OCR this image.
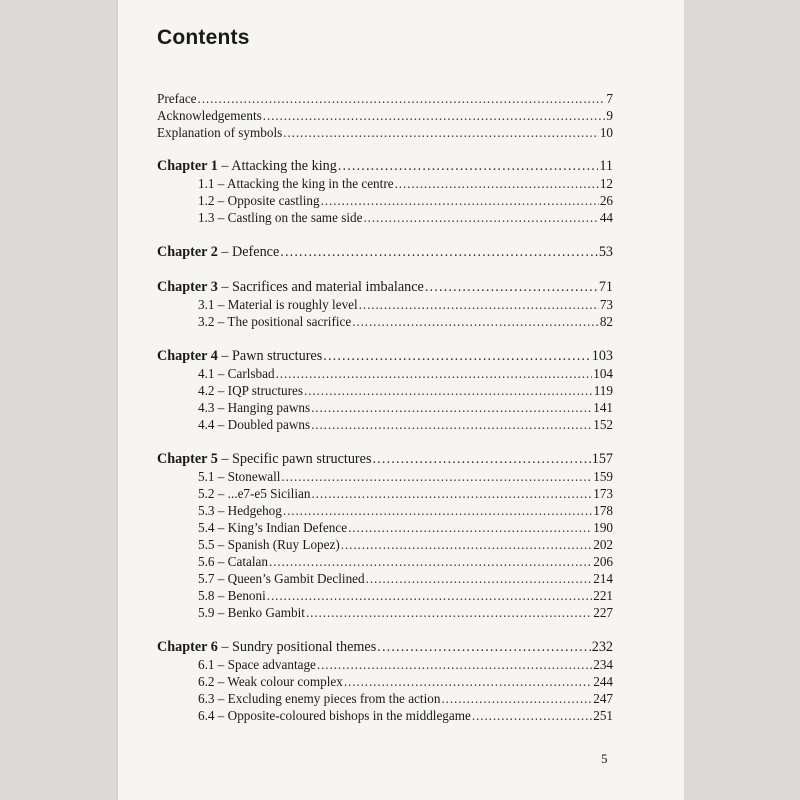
Contents
Preface . . .	7
Acknowledgements . . .	9
Explanation of symbols . . .	10
Chapter 1 – Attacking the king . . .	11
1.1 – Attacking the king in the centre . . .	12
1.2 – Opposite castling . . .	26
1.3 – Castling on the same side . . .	44
Chapter 2 – Defence . . .	53
Chapter 3 – Sacrifices and material imbalance . . .	71
3.1 – Material is roughly level . . .	73
3.2 – The positional sacrifice . . .	82
Chapter 4 – Pawn structures . . .	103
4.1 – Carlsbad . . .	104
4.2 – IQP structures . . .	119
4.3 – Hanging pawns . . .	141
4.4 – Doubled pawns . . .	152
Chapter 5 – Specific pawn structures . . .	157
5.1 – Stonewall . . .	159
5.2 – ...e7-e5 Sicilian . . .	173
5.3 – Hedgehog . . .	178
5.4 – King’s Indian Defence . . .	190
5.5 – Spanish (Ruy Lopez) . . .	202
5.6 – Catalan . . .	206
5.7 – Queen’s Gambit Declined . . .	214
5.8 – Benoni . . .	221
5.9 – Benko Gambit . . .	227
Chapter 6 – Sundry positional themes . . .	232
6.1 – Space advantage . . .	234
6.2 – Weak colour complex . . .	244
6.3 – Excluding enemy pieces from the action . . .	247
6.4 – Opposite-coloured bishops in the middlegame . . .	251
5
